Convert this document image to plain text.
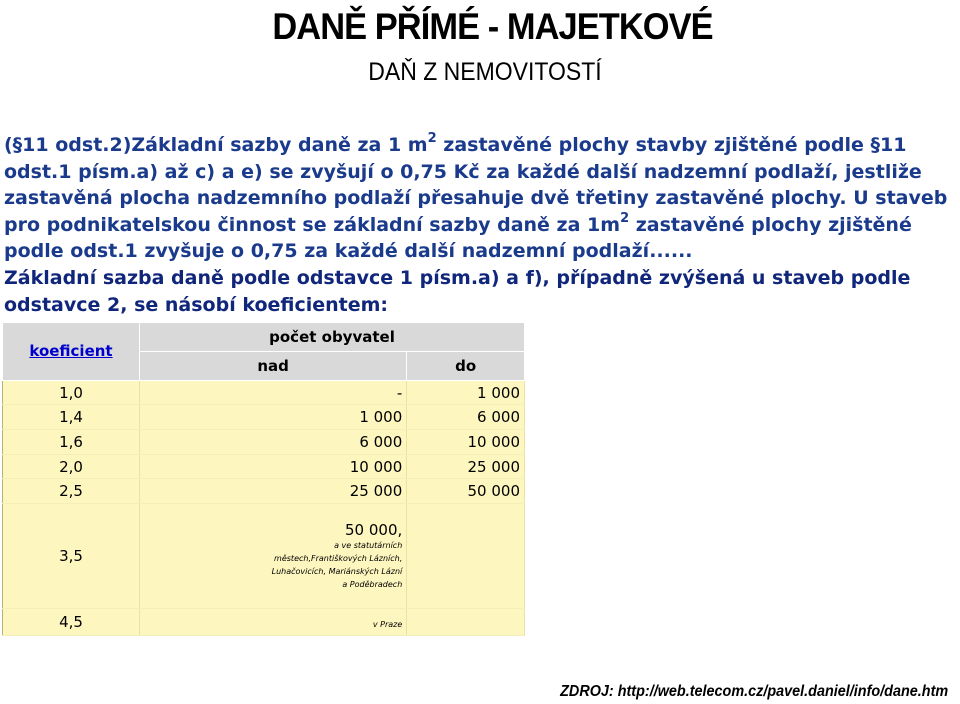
DANĚ PŘÍMÉ - MAJETKOVÉ
DAŇ Z NEMOVITOSTÍ
(§11 odst.2)Základní sazby daně za 1 $m^2$ zastavěné plochy stavby zjištěné podle §11
odst.1 písm.a) až c) a e) se zvyšují o 0,75 Kč za každé další nadzemní podlaží, jestliže
zastavěná plocha nadzemního podlaží přesahuje dvě třetiny zastavěné plochy. U staveb
pro podnikatelskou činnost se základní sazby daně za $1m^2$ zastavěné plochy zjištěné
podle odst.1 zvyšuje o 0,75 za každé další nadzemní podlaží......
Základní sazba daně podle odstavce 1 písm.a) a f), případně zvýšená u staveb podle
odstavce 2, se násobí koeficientem:
koeficient	počet obyvatel	
	nad	do
1,0	-	1 000
1,4	1 000	6 000
1,6	6 000	10 000
2,0	10 000	25 000
2,5	25 000	50 000
3,5	50 000,
a ve statutárních
městech,Františkových Lázních,
Luhačovicích, Mariánských Lázní
a Poděbradech	

4,5	v Praze	
ZDROJ: http://web.telecom.cz/pavel.daniel/info/dane.htm
